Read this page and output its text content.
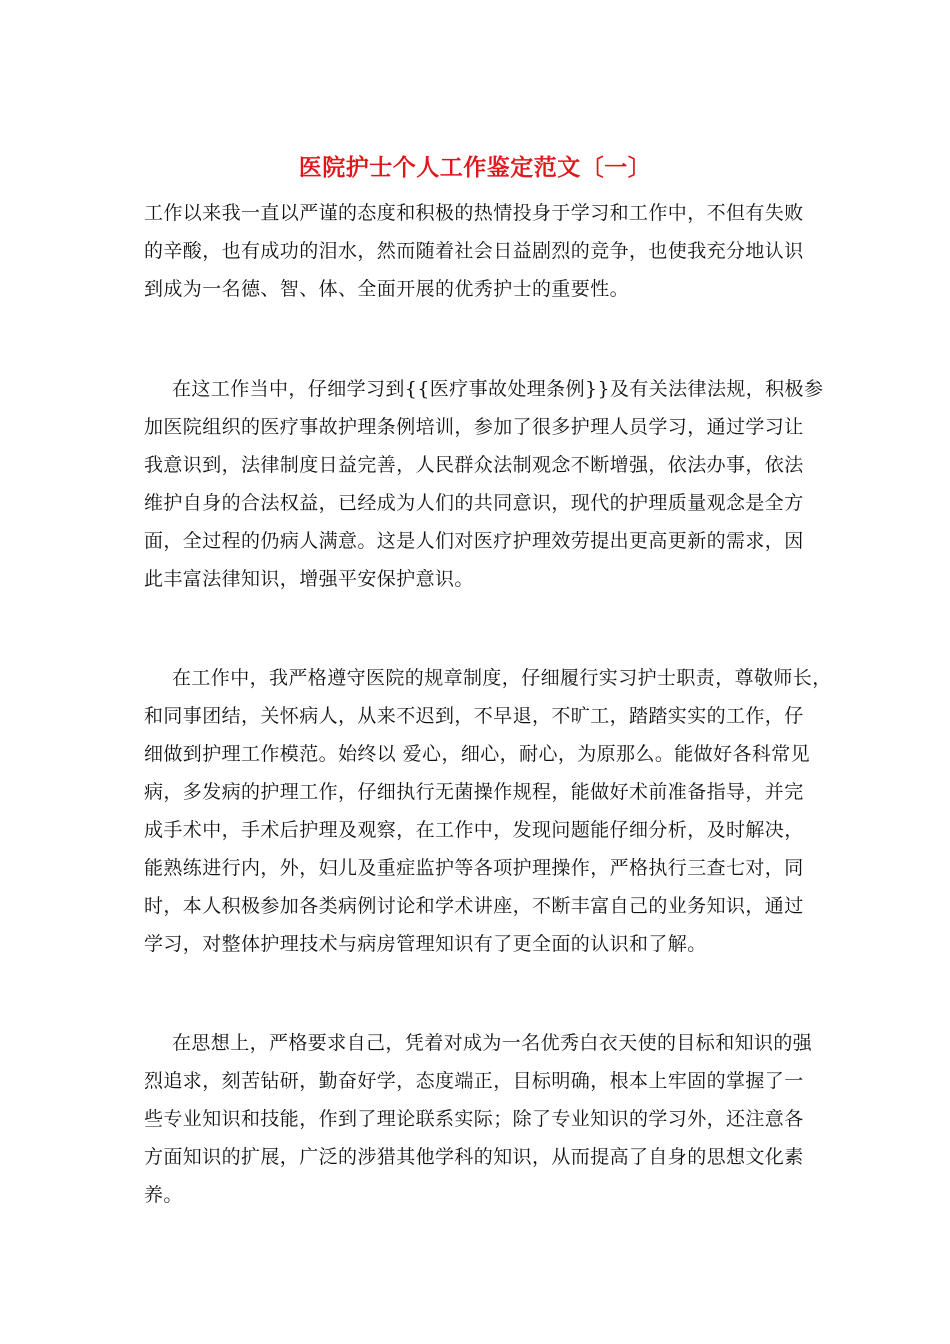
医院护士个人工作鉴定范文〔一〕
工作以来我一直以严谨的态度和积极的热情投身于学习和工作中，不但有失败
的辛酸，也有成功的泪水，然而随着社会日益剧烈的竞争，也使我充分地认识
到成为一名德、智、体、全面开展的优秀护士的重要性。
在这工作当中，仔细学习到{{医疗事故处理条例}}及有关法律法规，积极参
加医院组织的医疗事故护理条例培训，参加了很多护理人员学习，通过学习让
我意识到，法律制度日益完善，人民群众法制观念不断增强，依法办事，依法
维护自身的合法权益，已经成为人们的共同意识，现代的护理质量观念是全方
面，全过程的仍病人满意。这是人们对医疗护理效劳提出更高更新的需求，因
此丰富法律知识，增强平安保护意识。
在工作中，我严格遵守医院的规章制度，仔细履行实习护士职责，尊敬师长，
和同事团结，关怀病人，从来不迟到，不早退，不旷工，踏踏实实的工作，仔
细做到护理工作模范。始终以 爱心，细心，耐心，为原那么。能做好各科常见
病，多发病的护理工作，仔细执行无菌操作规程，能做好术前准备指导，并完
成手术中，手术后护理及观察，在工作中，发现问题能仔细分析，及时解决，
能熟练进行内，外，妇儿及重症监护等各项护理操作，严格执行三查七对，同
时，本人积极参加各类病例讨论和学术讲座，不断丰富自己的业务知识，通过
学习，对整体护理技术与病房管理知识有了更全面的认识和了解。
在思想上，严格要求自己，凭着对成为一名优秀白衣天使的目标和知识的强
烈追求，刻苦钻研，勤奋好学，态度端正，目标明确，根本上牢固的掌握了一
些专业知识和技能，作到了理论联系实际；除了专业知识的学习外，还注意各
方面知识的扩展，广泛的涉猎其他学科的知识，从而提高了自身的思想文化素
养。
